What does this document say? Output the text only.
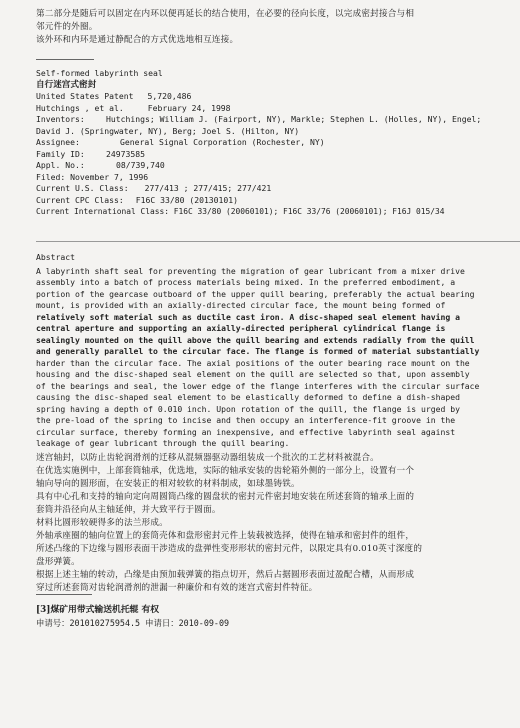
第二部分是随后可以固定在内环以便再延长的结合使用，在必要的径向长度，以完成密封接合与相
邻元件的外圈。
该外环和内环是通过静配合的方式优选地相互连接。
Self-formed labyrinth seal
自行迷宫式密封
United States Patent 5,720,486
Hutchings , et al.	February 24, 1998
Inventors:	Hutchings; William J. (Fairport, NY), Markle; Stephen L. (Holles, NY), Engel;
David J. (Springwater, NY), Berg; Joel S. (Hilton, NY)
Assignee:	General Signal Corporation (Rochester, NY)
Family ID:	24973585
Appl. No.:	08/739,740
Filed: November 7, 1996
Current U.S. Class: 277/413 ; 277/415; 277/421
Current CPC Class: F16C 33/80 (20130101)
Current International Class: F16C 33/80 (20060101); F16C 33/76 (20060101); F16J 015/34
Abstract
A labyrinth shaft seal for preventing the migration of gear lubricant from a mixer drive
assembly into a batch of process materials being mixed. In the preferred embodiment, a
portion of the gearcase outboard of the upper quill bearing, preferably the actual bearing
mount, is provided with an axially-directed circular face, the mount being formed of
relatively soft material such as ductile cast iron. A disc-shaped seal element having a
central aperture and supporting an axially-directed peripheral cylindrical flange is
sealingly mounted on the quill above the quill bearing and extends radially from the quill
and generally parallel to the circular face. The flange is formed of material substantially
harder than the circular face. The axial positions of the outer bearing race mount on the
housing and the disc-shaped seal element on the quill are selected so that, upon assembly
of the bearings and seal, the lower edge of the flange interferes with the circular surface
causing the disc-shaped seal element to be elastically deformed to define a dish-shaped
spring having a depth of 0.010 inch. Upon rotation of the quill, the flange is urged by
the pre-load of the spring to incise and then occupy an interference-fit groove in the
circular surface, thereby forming an inexpensive, and effective labyrinth seal against
leakage of gear lubricant through the quill bearing.
迷宫轴封，以防止齿轮润滑剂的迁移从混频器驱动器组装成一个批次的工艺材料被混合。
在优选实施例中，上部套筒轴承，优选地，实际的轴承安装的齿轮箱外侧的一部分上，设置有一个
轴向导向的圆形面，在安装正的相对较软的材料制成，如球墨铸铁。
具有中心孔和支持的轴向定向周圆筒凸缘的圆盘状的密封元件密封地安装在所述套筒的轴承上面的
套筒并沿径向从主轴延伸，并大致平行于圆面。
材料比圆形较硬得多的法兰形成。
外轴承座圈的轴向位置上的套筒壳体和盘形密封元件上装载被选择，使得在轴承和密封件的组件，
所述凸缘的下边缘与圆形表面干涉造成的盘弹性变形形状的密封元件，以限定具有0.010英寸深度的
盘形弹簧。
根据上述主轴的转动，凸缘是由预加载弹簧的指点切开，然后占据圆形表面过盈配合槽，从而形成
穿过所述套筒对齿轮润滑剂的泄漏一种廉价和有效的迷宫式密封件特征。
[3]煤矿用带式输送机托辊 有权
申请号：201010275954.5 申请日：2010-09-09
